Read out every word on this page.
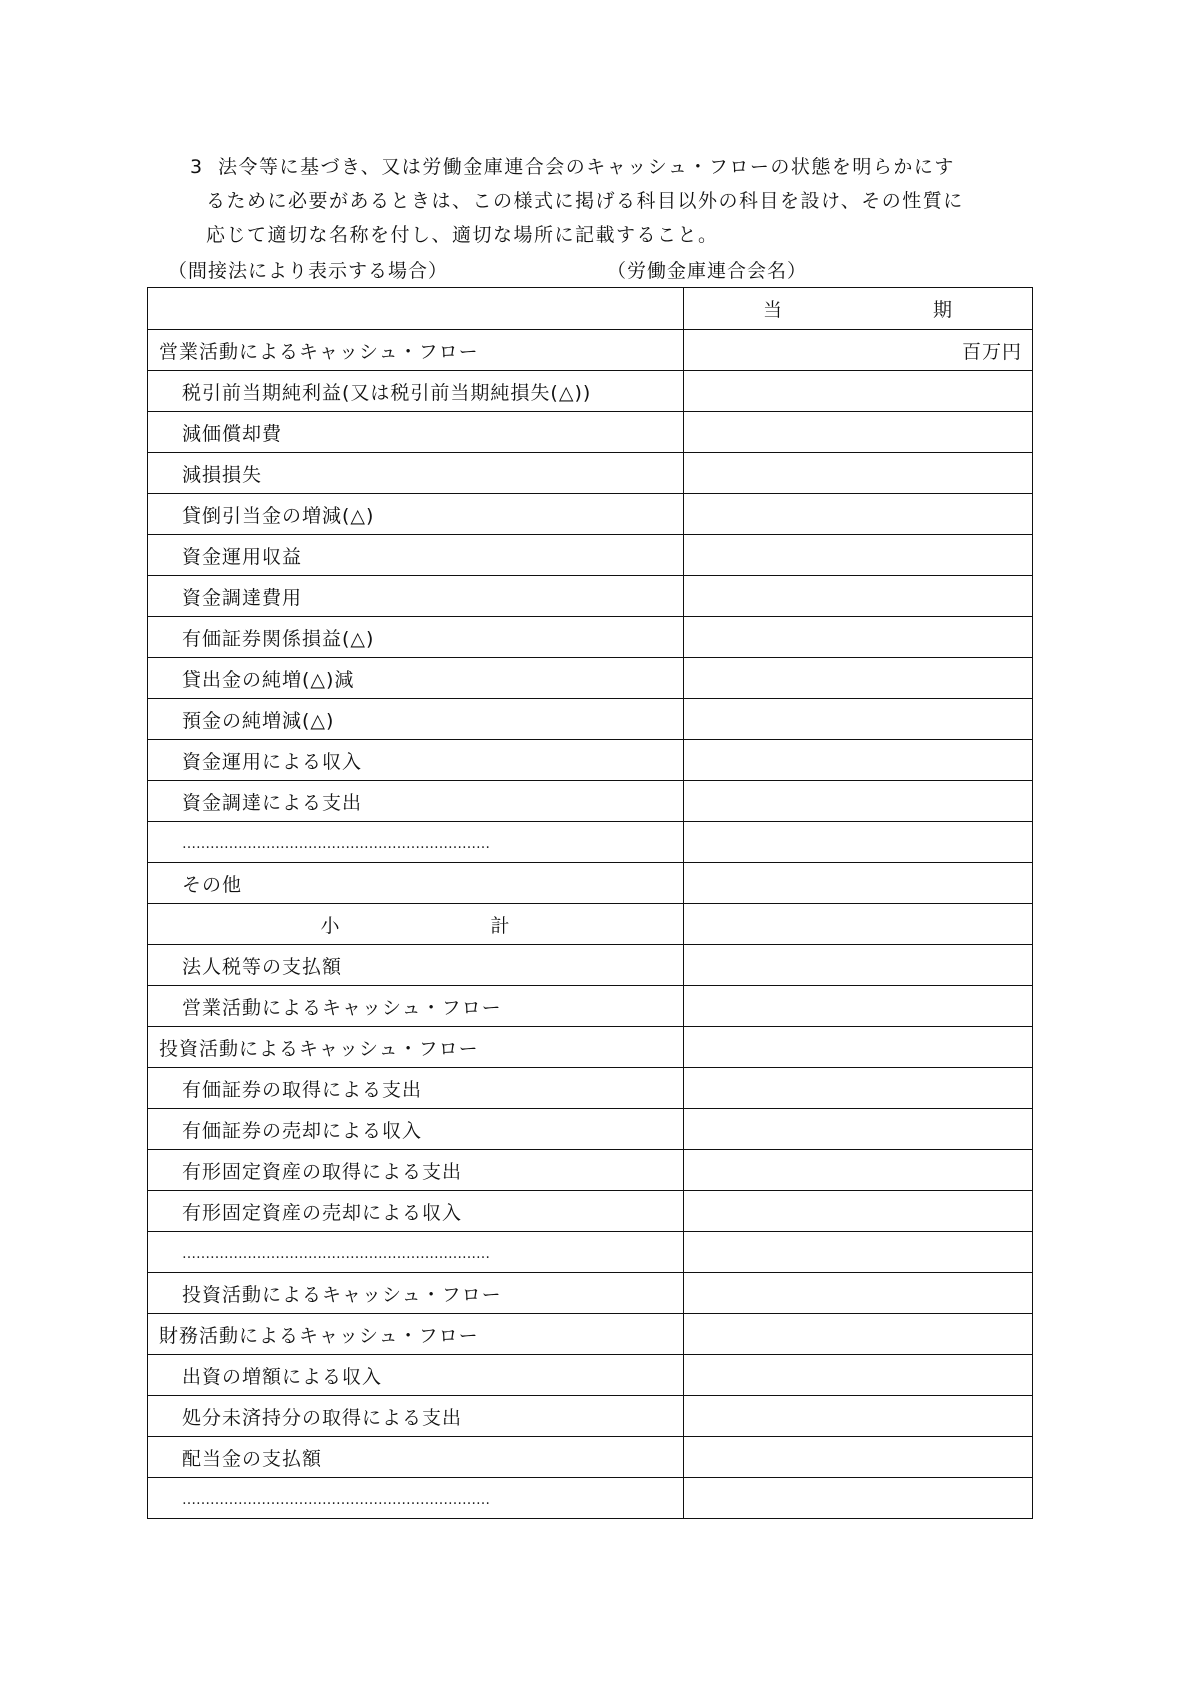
3 法令等に基づき、又は労働金庫連合会のキャッシュ・フローの状態を明らかにす
るために必要があるときは、この様式に掲げる科目以外の科目を設け、その性質に
応じて適切な名称を付し、適切な場所に記載すること。
（間接法により表示する場合）	（労働金庫連合会名）

	当 期

営業活動によるキャッシュ・フロー	百万円
税引前当期純利益(又は税引前当期純損失(△))	
減価償却費	
減損損失	
貸倒引当金の増減(△)	
資金運用収益	
資金調達費用	
有価証券関係損益(△)	
貸出金の純増(△)減	
預金の純増減(△)	
資金運用による収入	
資金調達による支出	
…………………………………………………………	
その他	

小 計	

法人税等の支払額	
営業活動によるキャッシュ・フロー	
投資活動によるキャッシュ・フロー	
有価証券の取得による支出	
有価証券の売却による収入	
有形固定資産の取得による支出	
有形固定資産の売却による収入	
…………………………………………………………	
投資活動によるキャッシュ・フロー	
財務活動によるキャッシュ・フロー	
出資の増額による収入	
処分未済持分の取得による支出	
配当金の支払額	
…………………………………………………………	
